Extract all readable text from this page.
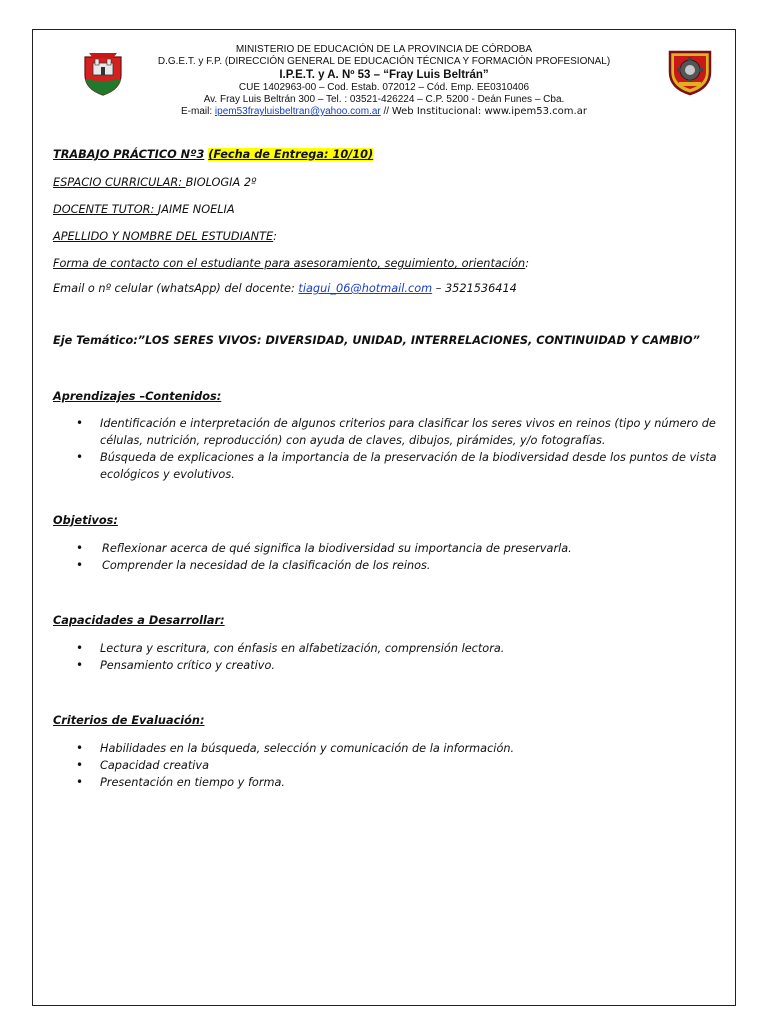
MINISTERIO DE EDUCACIÓN DE LA PROVINCIA DE CÓRDOBA
D.G.E.T. y F.P. (DIRECCIÓN GENERAL DE EDUCACIÓN TÉCNICA Y FORMACIÓN PROFESIONAL)
I.P.E.T. y A. Nº 53 – “Fray Luis Beltrán”
CUE 1402963-00 – Cod. Estab. 072012 – Cód. Emp. EE0310406
Av. Fray Luis Beltrán 300 – Tel. : 03521-426224 – C.P. 5200 - Deán Funes – Cba.
E-mail: ipem53frayluisbeltran@yahoo.com.ar // Web Institucional: www.ipem53.com.ar
TRABAJO PRÁCTICO Nº3 (Fecha de Entrega: 10/10)
ESPACIO CURRICULAR: BIOLOGIA 2º
DOCENTE TUTOR: JAIME NOELIA
APELLIDO Y NOMBRE DEL ESTUDIANTE:
Forma de contacto con el estudiante para asesoramiento, seguimiento, orientación:
Email o nº celular (whatsApp) del docente: tiagui_06@hotmail.com – 3521536414
Eje Temático:”LOS SERES VIVOS: DIVERSIDAD, UNIDAD, INTERRELACIONES, CONTINUIDAD Y CAMBIO”
Aprendizajes –Contenidos:
• Identificación e interpretación de algunos criterios para clasificar los seres vivos en reinos (tipo y número de células, nutrición, reproducción) con ayuda de claves, dibujos, pirámides, y/o fotografías.
• Búsqueda de explicaciones a la importancia de la preservación de la biodiversidad desde los puntos de vista ecológicos y evolutivos.
Objetivos:
• Reflexionar acerca de qué significa la biodiversidad su importancia de preservarla.
• Comprender la necesidad de la clasificación de los reinos.
Capacidades a Desarrollar:
• Lectura y escritura, con énfasis en alfabetización, comprensión lectora.
• Pensamiento crítico y creativo.
Criterios de Evaluación:
• Habilidades en la búsqueda, selección y comunicación de la información.
• Capacidad creativa
• Presentación en tiempo y forma.
